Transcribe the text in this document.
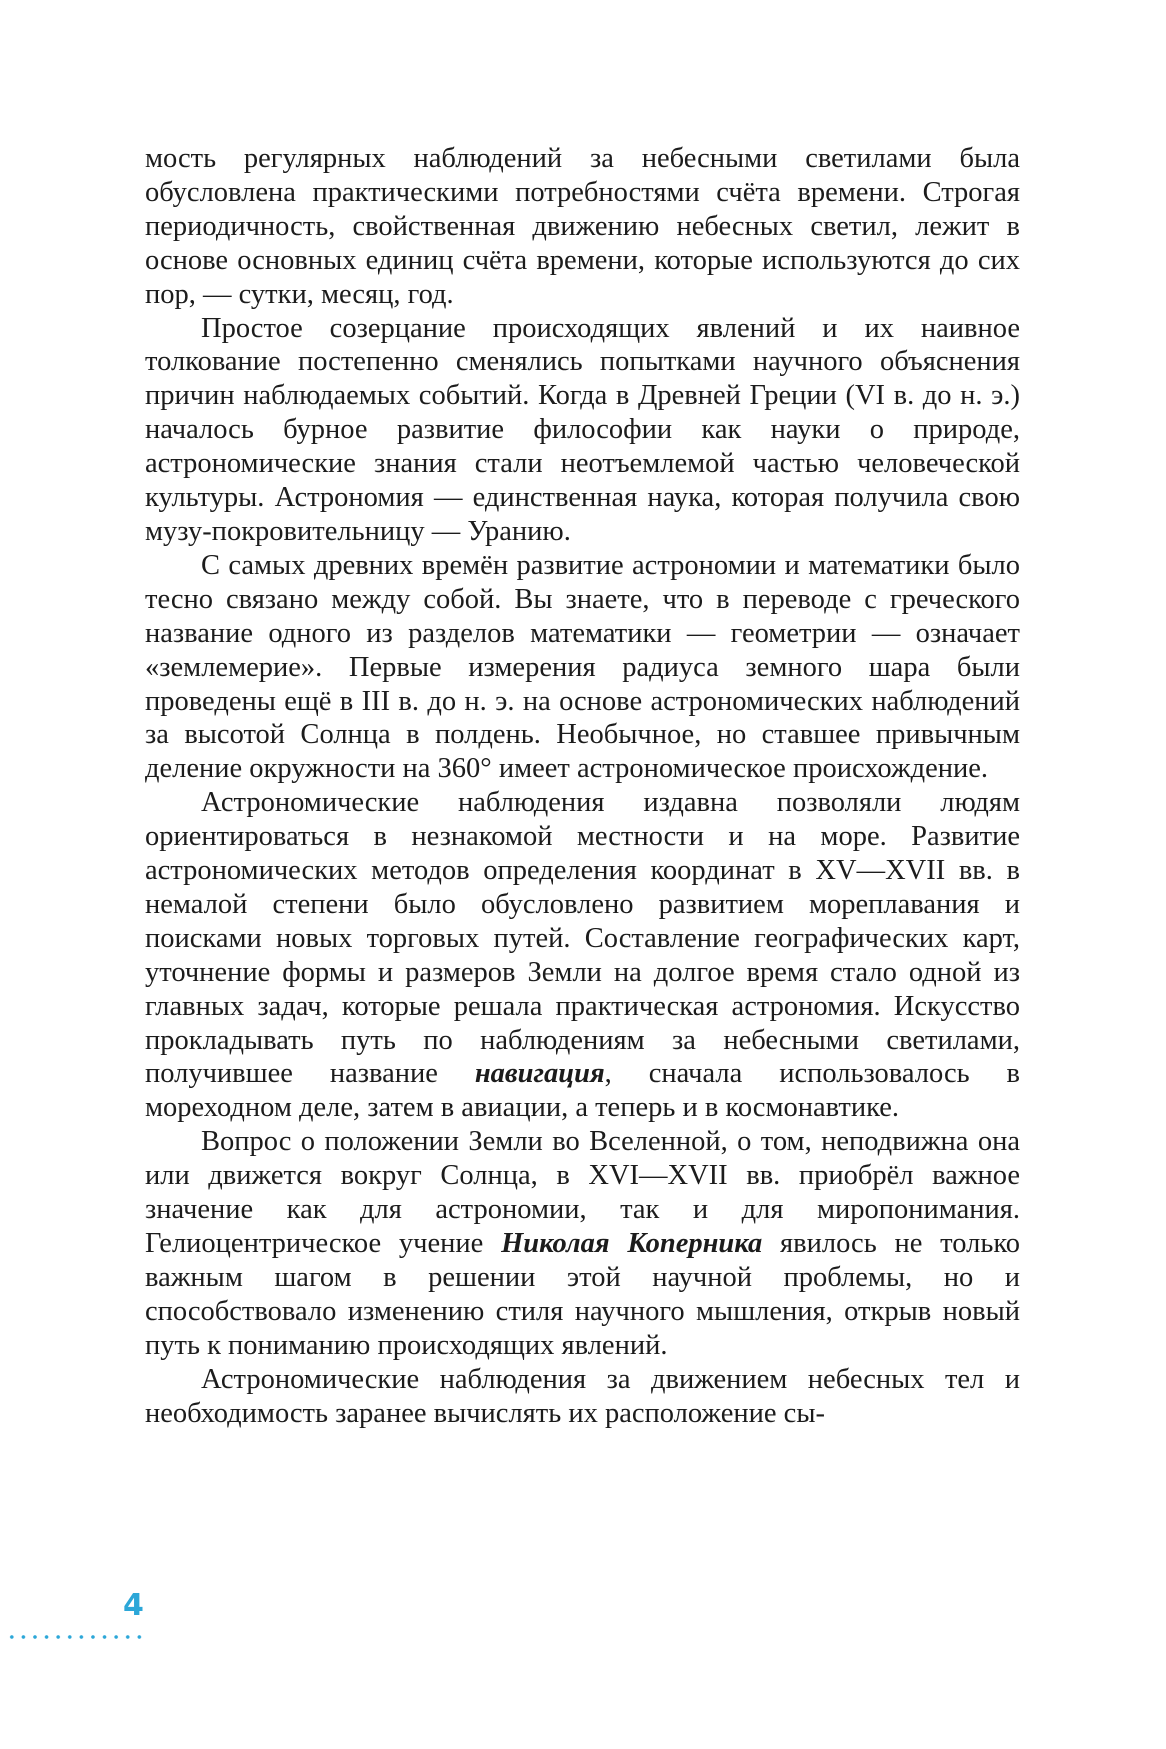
мость регулярных наблюдений за небесными светилами была обусловлена практическими потребностями счёта времени. Строгая периодичность, свойственная движению небесных светил, лежит в основе основных единиц счёта времени, которые используются до сих пор, — сутки, месяц, год.

Простое созерцание происходящих явлений и их наивное толкование постепенно сменялись попытками научного объяснения причин наблюдаемых событий. Когда в Древней Греции (VI в. до н. э.) началось бурное развитие философии как науки о природе, астрономические знания стали неотъемлемой частью человеческой культуры. Астрономия — единственная наука, которая получила свою музу-покровительницу — Уранию.

С самых древних времён развитие астрономии и математики было тесно связано между собой. Вы знаете, что в переводе с греческого название одного из разделов математики — геометрии — означает «землемерие». Первые измерения радиуса земного шара были проведены ещё в III в. до н. э. на основе астрономических наблюдений за высотой Солнца в полдень. Необычное, но ставшее привычным деление окружности на 360° имеет астрономическое происхождение.

Астрономические наблюдения издавна позволяли людям ориентироваться в незнакомой местности и на море. Развитие астрономических методов определения координат в XV—XVII вв. в немалой степени было обусловлено развитием мореплавания и поисками новых торговых путей. Составление географических карт, уточнение формы и размеров Земли на долгое время стало одной из главных задач, которые решала практическая астрономия. Искусство прокладывать путь по наблюдениям за небесными светилами, получившее название навигация, сначала использовалось в мореходном деле, затем в авиации, а теперь и в космонавтике.

Вопрос о положении Земли во Вселенной, о том, неподвижна она или движется вокруг Солнца, в XVI—XVII вв. приобрёл важное значение как для астрономии, так и для миропонимания. Гелиоцентрическое учение Николая Коперника явилось не только важным шагом в решении этой научной проблемы, но и способствовало изменению стиля научного мышления, открыв новый путь к пониманию происходящих явлений.

Астрономические наблюдения за движением небесных тел и необходимость заранее вычислять их расположение сы-

4
